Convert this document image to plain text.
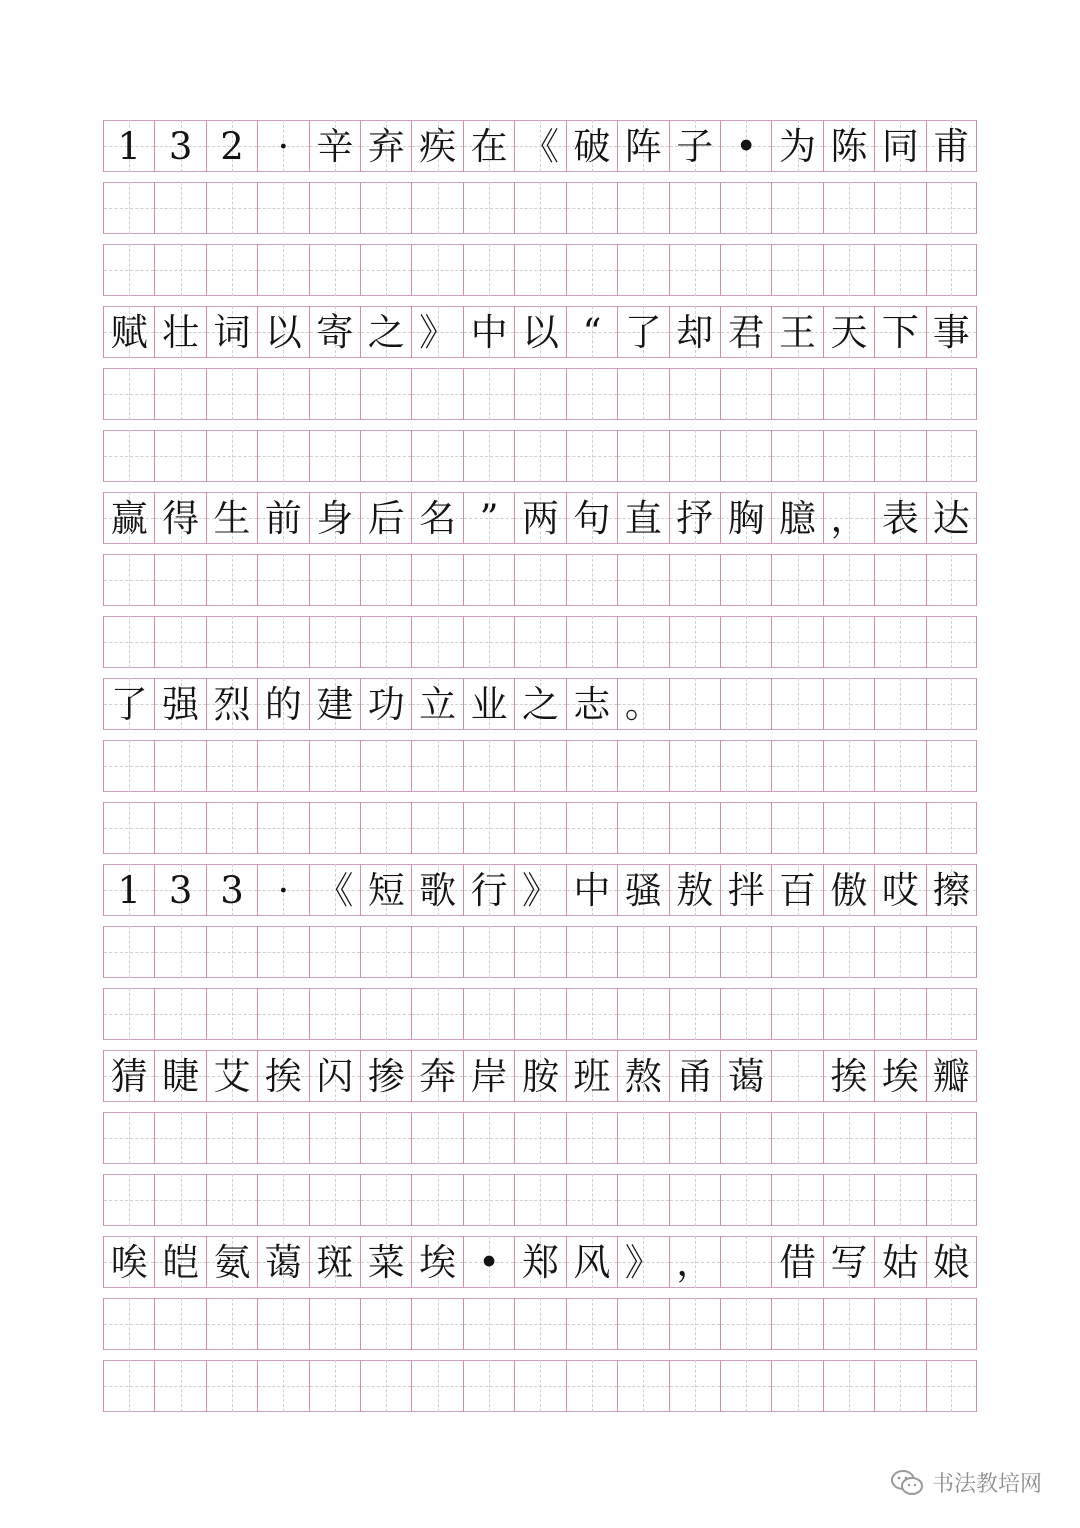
1 3 2 · 辛 弃 疾 在 《 破 阵 子 • 为 陈 同 甫
赋 壮 词 以 寄 之 》 中 以 “ 了 却 君 王 天 下 事
赢 得 生 前 身 后 名 ” 两 句 直 抒 胸 臆 ， 表 达
了 强 烈 的 建 功 立 业 之 志 。
1 3 3 · 《 短 歌 行 》 中 骚 敖 拌 百 傲 哎 擦
猜 睫 艾 挨 闪 掺 奔 岸 胺 班 熬 甬 蔼 挨 埃 瓣
唉 皑 氨 蔼 斑 菜 埃 • 郑 风 》 ， 借 写 姑 娘
书法教培网
